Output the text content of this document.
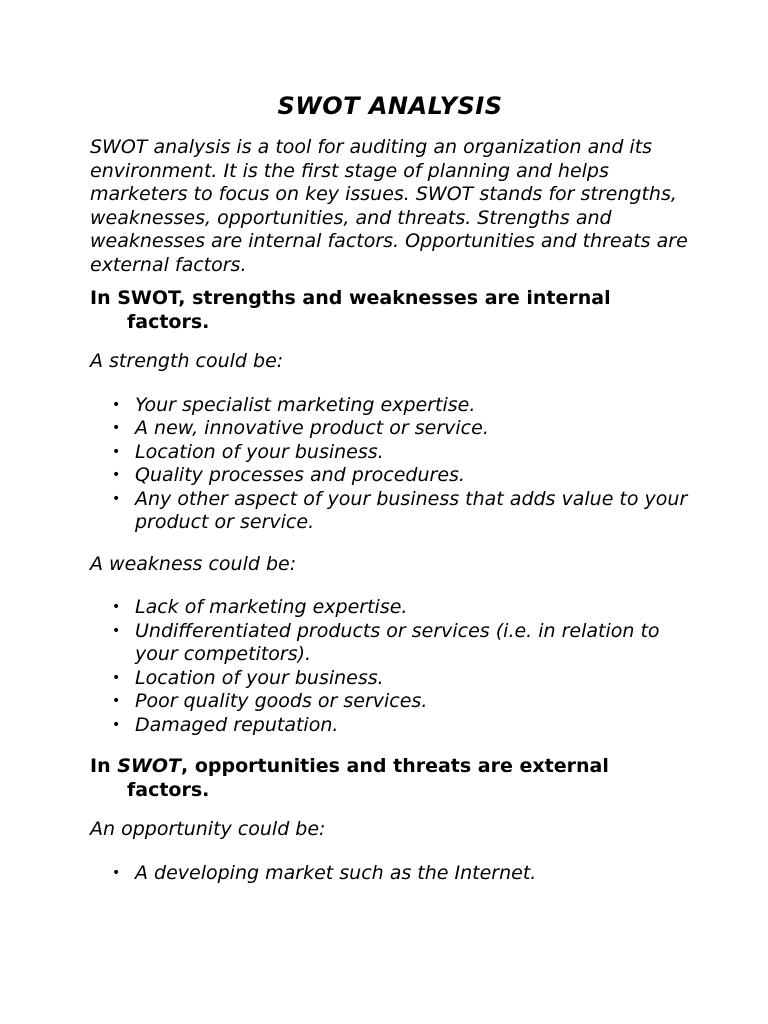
SWOT ANALYSIS

SWOT analysis is a tool for auditing an organization and its environment. It is the first stage of planning and helps marketers to focus on key issues. SWOT stands for strengths, weaknesses, opportunities, and threats. Strengths and weaknesses are internal factors. Opportunities and threats are external factors.

In SWOT, strengths and weaknesses are internal factors.

A strength could be:

• Your specialist marketing expertise.
• A new, innovative product or service.
• Location of your business.
• Quality processes and procedures.
• Any other aspect of your business that adds value to your product or service.

A weakness could be:

• Lack of marketing expertise.
• Undifferentiated products or services (i.e. in relation to your competitors).
• Location of your business.
• Poor quality goods or services.
• Damaged reputation.

In SWOT, opportunities and threats are external factors.

An opportunity could be:

• A developing market such as the Internet.
